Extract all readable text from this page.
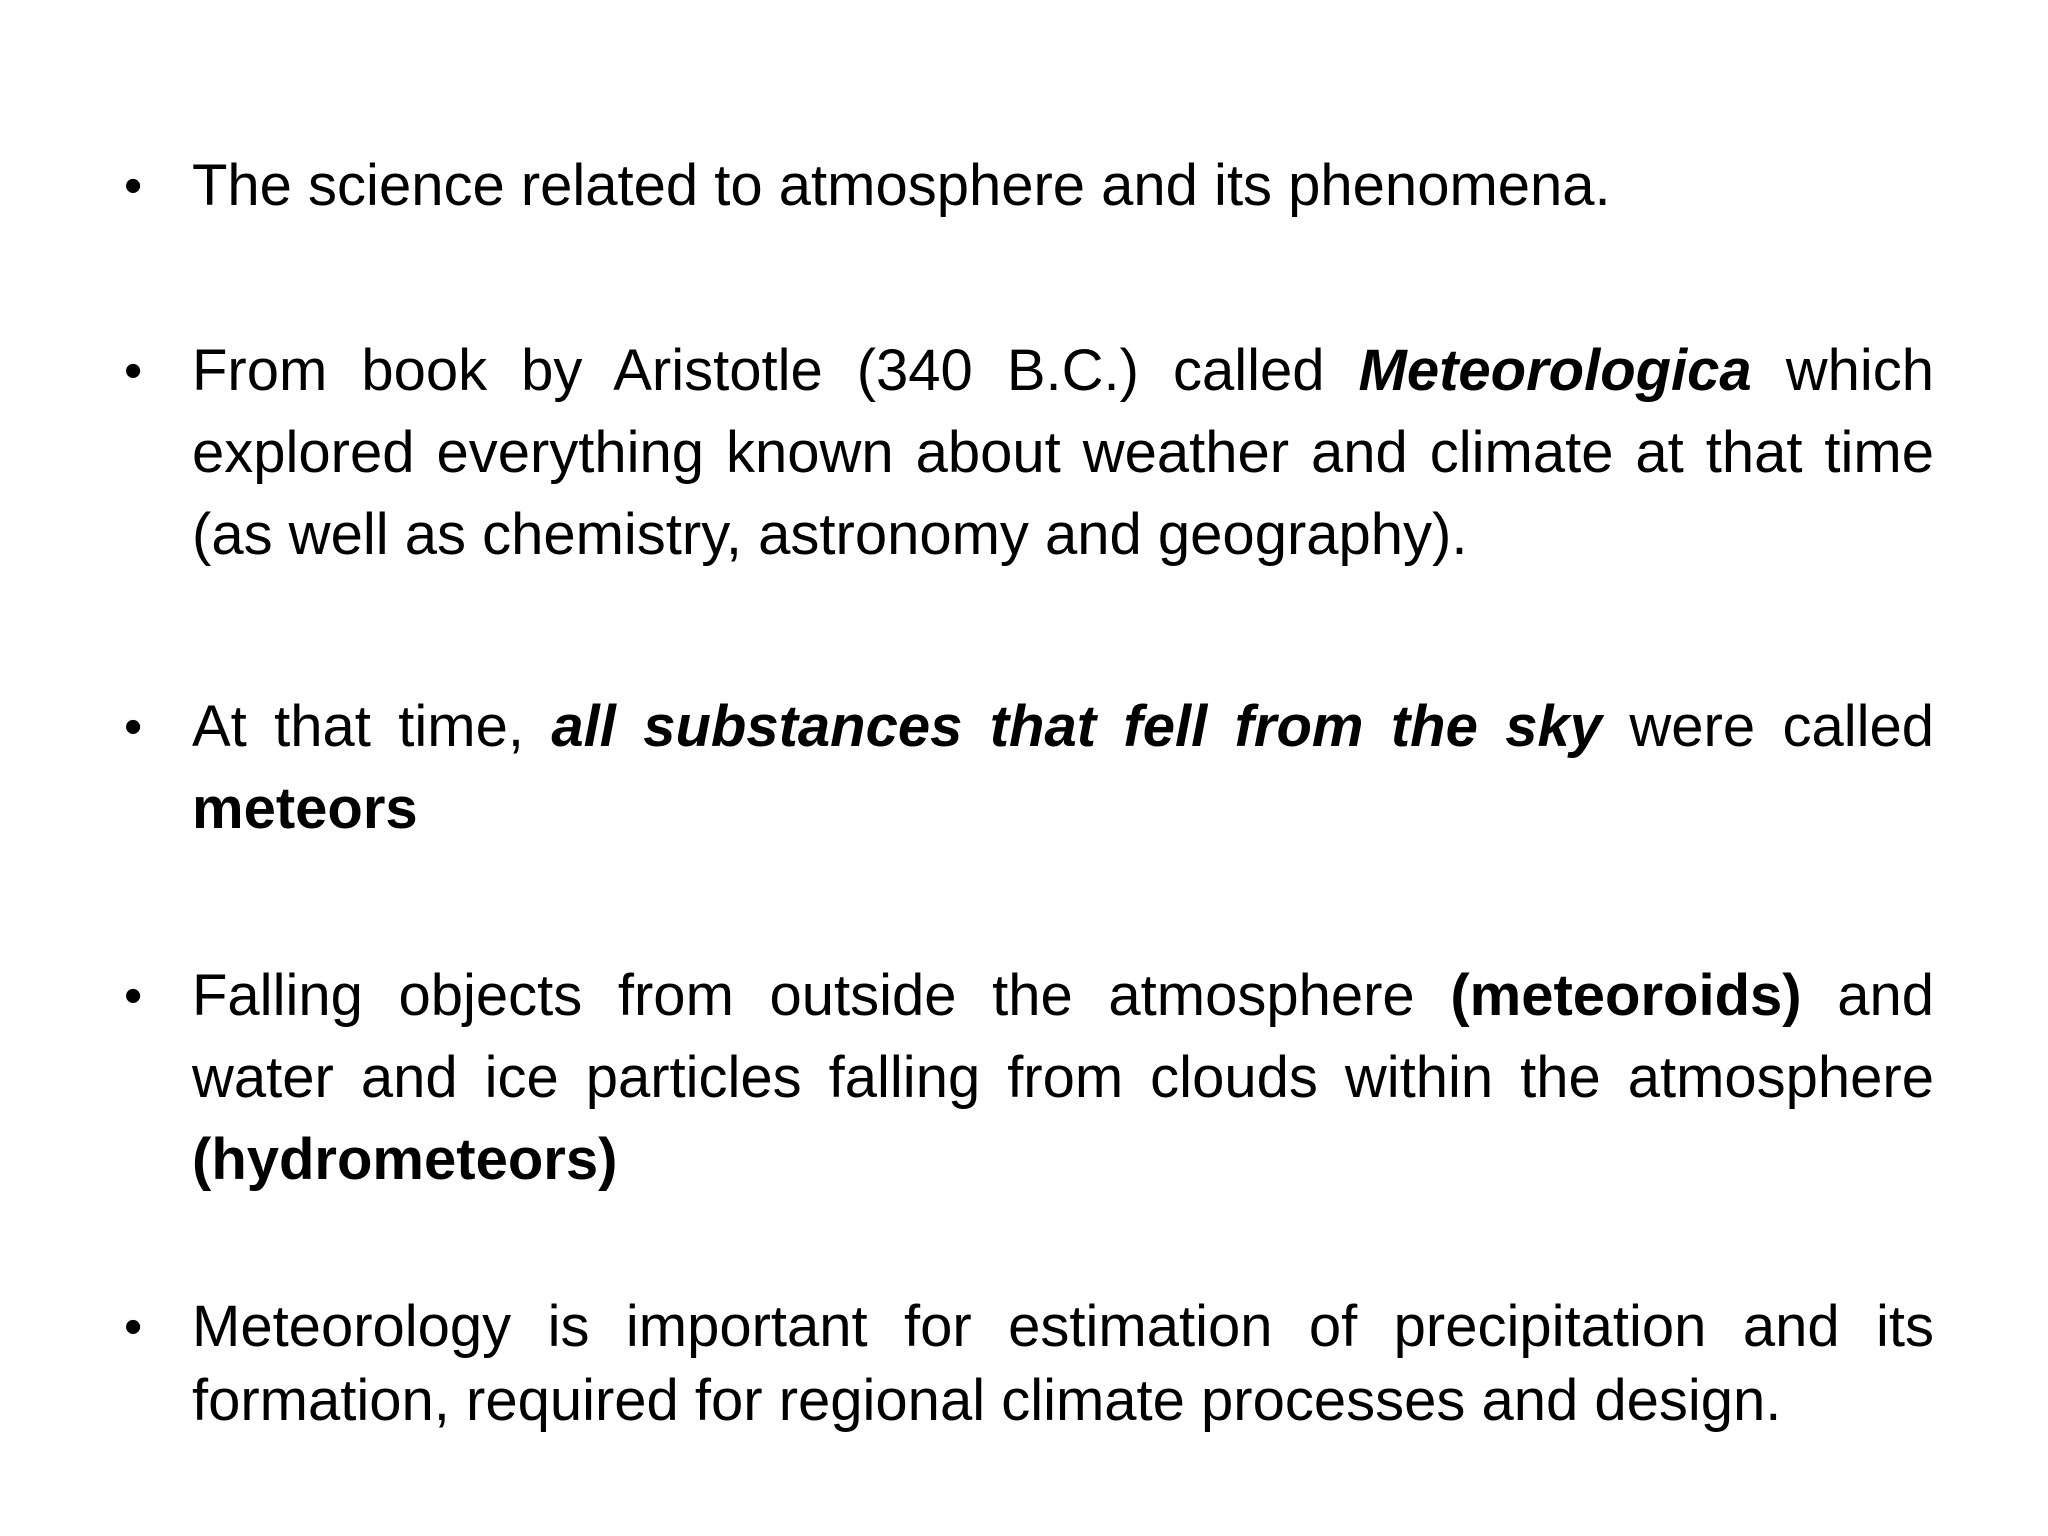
• The science related to atmosphere and its phenomena.
• From book by Aristotle (340 B.C.) called Meteorologica which explored everything known about weather and climate at that time (as well as chemistry, astronomy and geography).
• At that time, all substances that fell from the sky were called meteors
• Falling objects from outside the atmosphere (meteoroids) and water and ice particles falling from clouds within the atmosphere (hydrometeors)
• Meteorology is important for estimation of precipitation and its formation, required for regional climate processes and design.
